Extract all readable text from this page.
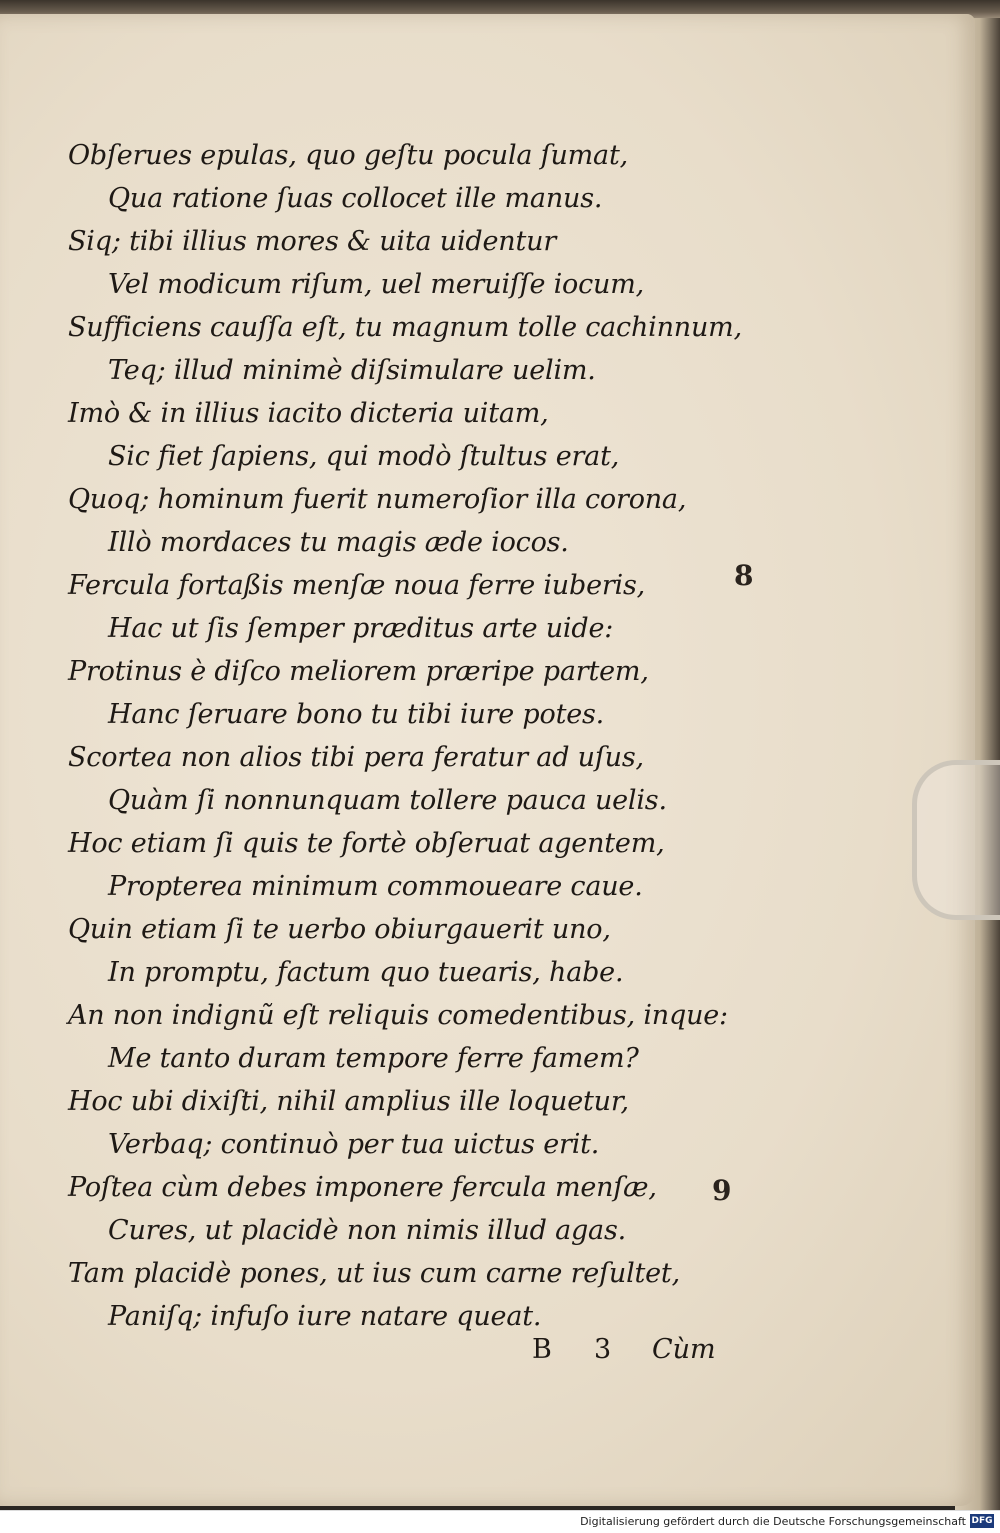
Obſerues epulas, quo geſtu pocula ſumat,
Qua ratione ſuas collocet ille manus.
Siq; tibi illius mores & uita uidentur
Vel modicum riſum, uel meruiſſe iocum,
Sufficiens cauſſa eſt, tu magnum tolle cachinnum,
Teq; illud minimè diſsimulare uelim.
Imò & in illius iacito dicteria uitam,
Sic fiet ſapiens, qui modò ſtultus erat,
Quoq; hominum fuerit numeroſior illa corona,
Illò mordaces tu magis æde iocos.
Fercula fortaßis menſæ noua ferre iuberis,
Hac ut ſis ſemper præditus arte uide:
Protinus è diſco meliorem præripe partem,
Hanc ſeruare bono tu tibi iure potes.
Scortea non alios tibi pera feratur ad uſus,
Quàm ſi nonnunquam tollere pauca uelis.
Hoc etiam ſi quis te fortè obſeruat agentem,
Propterea minimum commoueare caue.
Quin etiam ſi te uerbo obiurgauerit uno,
In promptu, factum quo tuearis, habe.
An non indignũ eſt reliquis comedentibus, inque:
Me tanto duram tempore ferre famem?
Hoc ubi dixiſti, nihil amplius ille loquetur,
Verbaq; continuò per tua uictus erit.
Poſtea cùm debes imponere fercula menſæ,
Cures, ut placidè non nimis illud agas.
Tam placidè pones, ut ius cum carne reſultet,
Paniſq; infuſo iure natare queat.
8
9
B 3 Cùm
Digitalisierung gefördert durch die Deutsche Forschungsgemeinschaft DFG
